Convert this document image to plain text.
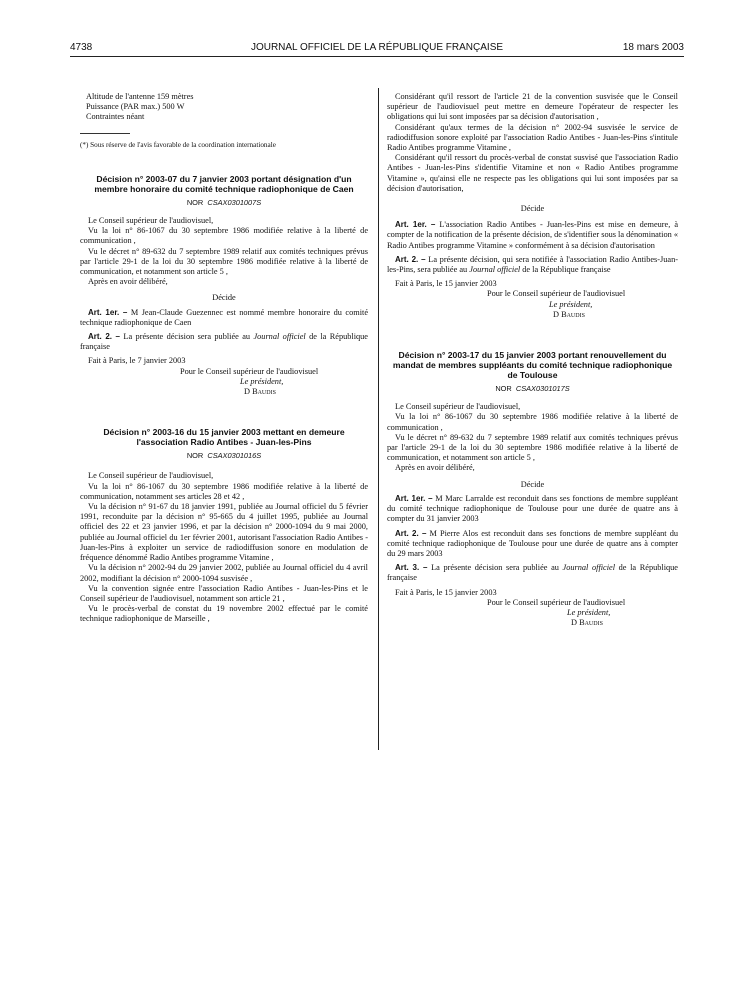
4738	JOURNAL OFFICIEL DE LA RÉPUBLIQUE FRANÇAISE	18 mars 2003

Altitude de l'antenne 159 mètres

Puissance (PAR max.) 500 W

Contraintes néant

(*) Sous réserve de l'avis favorable de la coordination internationale

Décision n° 2003-07 du 7 janvier 2003 portant désignation d'un membre honoraire du comité technique radiophonique de Caen

NOR CSAX0301007S

Le Conseil supérieur de l'audiovisuel,

Vu la loi n° 86-1067 du 30 septembre 1986 modifiée relative à la liberté de communication ,

Vu le décret n° 89-632 du 7 septembre 1989 relatif aux comités techniques prévus par l'article 29-1 de la loi du 30 septembre 1986 modifiée relative à la liberté de communication, et notamment son article 5 ,

Après en avoir délibéré,

Décide

Art. 1er. – M Jean-Claude Guezennec est nommé membre honoraire du comité technique radiophonique de Caen

Art. 2. – La présente décision sera publiée au Journal officiel de la République française

Fait à Paris, le 7 janvier 2003

Pour le Conseil supérieur de l'audiovisuel

Le président,

D Baudis

Décision n° 2003-16 du 15 janvier 2003 mettant en demeure l'association Radio Antibes - Juan-les-Pins

NOR CSAX0301016S

Le Conseil supérieur de l'audiovisuel,

Vu la loi n° 86-1067 du 30 septembre 1986 modifiée relative à la liberté de communication, notamment ses articles 28 et 42 ,

Vu la décision n° 91-67 du 18 janvier 1991, publiée au Journal officiel du 5 février 1991, reconduite par la décision n° 95-665 du 4 juillet 1995, publiée au Journal officiel des 22 et 23 janvier 1996, et par la décision n° 2000-1094 du 9 mai 2000, publiée au Journal officiel du 1er février 2001, autorisant l'association Radio Antibes - Juan-les-Pins à exploiter un service de radiodiffusion sonore en modulation de fréquence dénommé Radio Antibes programme Vitamine ,

Vu la décision n° 2002-94 du 29 janvier 2002, publiée au Journal officiel du 4 avril 2002, modifiant la décision n° 2000-1094 susvisée ,

Vu la convention signée entre l'association Radio Antibes - Juan-les-Pins et le Conseil supérieur de l'audiovisuel, notamment son article 21 ,

Vu le procès-verbal de constat du 19 novembre 2002 effectué par le comité technique radiophonique de Marseille ,

Considérant qu'il ressort de l'article 21 de la convention susvisée que le Conseil supérieur de l'audiovisuel peut mettre en demeure l'opérateur de respecter les obligations qui lui sont imposées par sa décision d'autorisation ,

Considérant qu'aux termes de la décision n° 2002-94 susvisée le service de radiodiffusion sonore exploité par l'association Radio Antibes - Juan-les-Pins s'intitule Radio Antibes programme Vitamine ,

Considérant qu'il ressort du procès-verbal de constat susvisé que l'association Radio Antibes - Juan-les-Pins s'identifie Vitamine et non « Radio Antibes programme Vitamine », qu'ainsi elle ne respecte pas les obligations qui lui sont imposées par sa décision d'autorisation,

Décide

Art. 1er. – L'association Radio Antibes - Juan-les-Pins est mise en demeure, à compter de la notification de la présente décision, de s'identifier sous la dénomination « Radio Antibes programme Vitamine » conformément à sa décision d'autorisation

Art. 2. – La présente décision, qui sera notifiée à l'association Radio Antibes-Juan-les-Pins, sera publiée au Journal officiel de la République française

Fait à Paris, le 15 janvier 2003

Pour le Conseil supérieur de l'audiovisuel

Le président,

D Baudis

Décision n° 2003-17 du 15 janvier 2003 portant renouvellement du mandat de membres suppléants du comité technique radiophonique de Toulouse

NOR CSAX0301017S

Le Conseil supérieur de l'audiovisuel,

Vu la loi n° 86-1067 du 30 septembre 1986 modifiée relative à la liberté de communication ,

Vu le décret n° 89-632 du 7 septembre 1989 relatif aux comités techniques prévus par l'article 29-1 de la loi du 30 septembre 1986 modifiée relative à la liberté de communication, et notamment son article 5 ,

Après en avoir délibéré,

Décide

Art. 1er. – M Marc Larralde est reconduit dans ses fonctions de membre suppléant du comité technique radiophonique de Toulouse pour une durée de quatre ans à compter du 31 janvier 2003

Art. 2. – M Pierre Alos est reconduit dans ses fonctions de membre suppléant du comité technique radiophonique de Toulouse pour une durée de quatre ans à compter du 29 mars 2003

Art. 3. – La présente décision sera publiée au Journal officiel de la République française

Fait à Paris, le 15 janvier 2003

Pour le Conseil supérieur de l'audiovisuel

Le président,

D Baudis
